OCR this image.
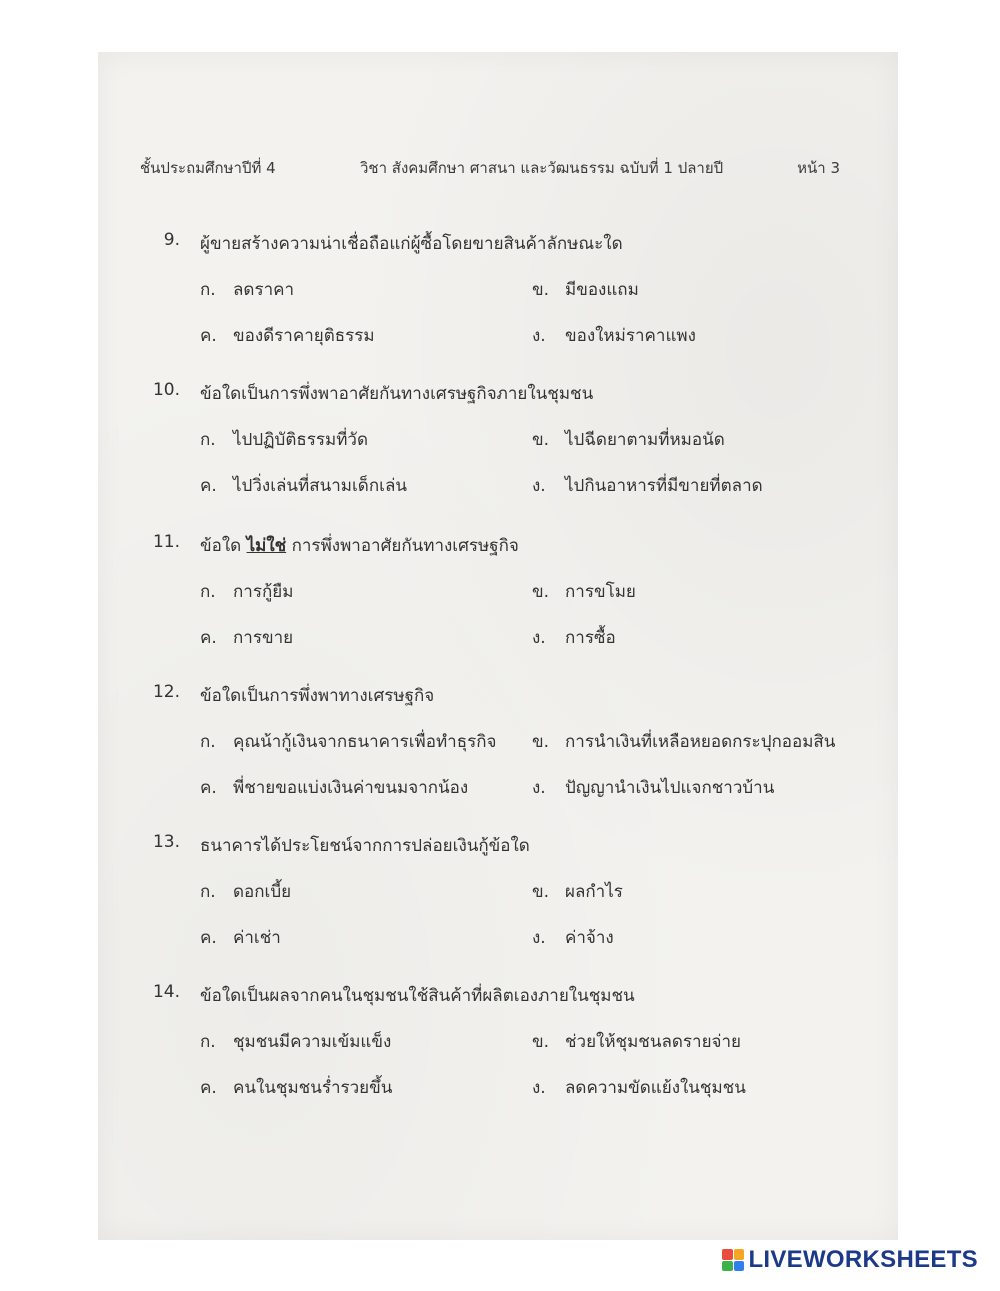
ชั้นประถมศึกษาปีที่ 4	วิชา สังคมศึกษา ศาสนา และวัฒนธรรม ฉบับที่ 1 ปลายปี	หน้า 3
9. ผู้ขายสร้างความน่าเชื่อถือแก่ผู้ซื้อโดยขายสินค้าลักษณะใด
ก. ลดราคา	ข. มีของแถม
ค. ของดีราคายุติธรรม	ง. ของใหม่ราคาแพง
10. ข้อใดเป็นการพึ่งพาอาศัยกันทางเศรษฐกิจภายในชุมชน
ก. ไปปฏิบัติธรรมที่วัด	ข. ไปฉีดยาตามที่หมอนัด
ค. ไปวิ่งเล่นที่สนามเด็กเล่น	ง. ไปกินอาหารที่มีขายที่ตลาด
11. ข้อใด ไม่ใช่ การพึ่งพาอาศัยกันทางเศรษฐกิจ
ก. การกู้ยืม	ข. การขโมย
ค. การขาย	ง. การซื้อ
12. ข้อใดเป็นการพึ่งพาทางเศรษฐกิจ
ก. คุณน้ากู้เงินจากธนาคารเพื่อทำธุรกิจ ข. การนำเงินที่เหลือหยอดกระปุกออมสิน
ค. พี่ชายขอแบ่งเงินค่าขนมจากน้อง	ง. ปัญญานำเงินไปแจกชาวบ้าน
13. ธนาคารได้ประโยชน์จากการปล่อยเงินกู้ข้อใด
ก. ดอกเบี้ย	ข. ผลกำไร
ค. ค่าเช่า	ง. ค่าจ้าง
14. ข้อใดเป็นผลจากคนในชุมชนใช้สินค้าที่ผลิตเองภายในชุมชน
ก. ชุมชนมีความเข้มแข็ง	ข. ช่วยให้ชุมชนลดรายจ่าย
ค. คนในชุมชนร่ำรวยขึ้น	ง. ลดความขัดแย้งในชุมชน
LIVEWORKSHEETS
